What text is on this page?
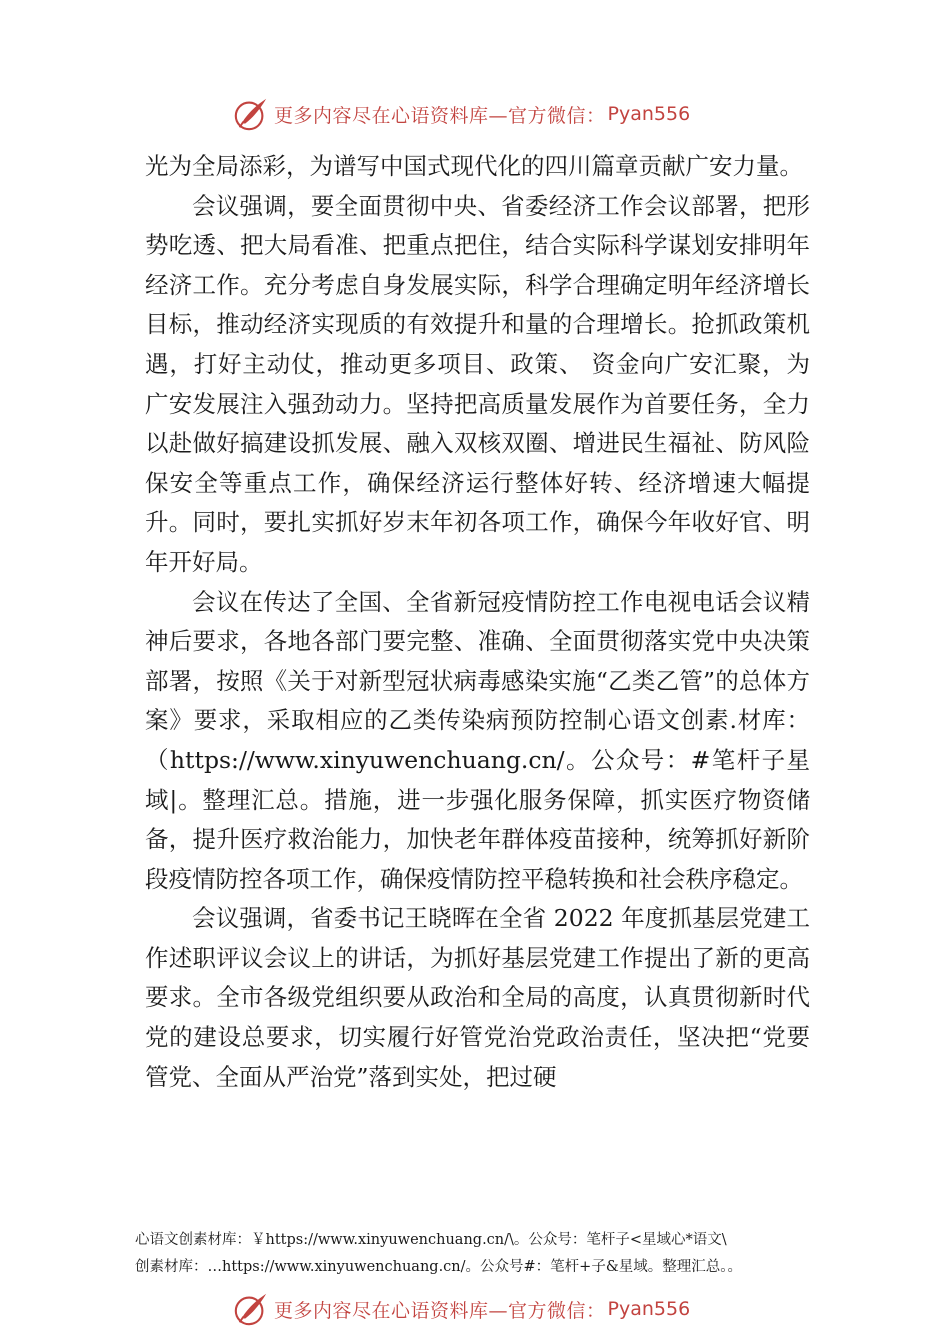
更多内容尽在心语资料库—官方微信： Pyan556

光为全局添彩，为谱写中国式现代化的四川篇章贡献广安力量。

会议强调，要全面贯彻中央、省委经济工作会议部署，把形势吃透、把大局看准、把重点把住，结合实际科学谋划安排明年经济工作。充分考虑自身发展实际，科学合理确定明年经济增长目标，推动经济实现质的有效提升和量的合理增长。抢抓政策机遇，打好主动仗，推动更多项目、政策、 资金向广安汇聚，为广安发展注入强劲动力。坚持把高质量发展作为首要任务，全力以赴做好搞建设抓发展、融入双核双圈、增进民生福祉、防风险保安全等重点工作，确保经济运行整体好转、经济增速大幅提升。同时，要扎实抓好岁末年初各项工作，确保今年收好官、明年开好局。

会议在传达了全国、全省新冠疫情防控工作电视电话会议精神后要求，各地各部门要完整、准确、全面贯彻落实党中央决策部署，按照《关于对新型冠状病毒感染实施“乙类乙管”的总体方案》要求，采取相应的乙类传染病预防控制心语文创素.材库：（https://www.xinyuwenchuang.cn/。公众号：#笔杆子星域|。整理汇总。措施，进一步强化服务保障，抓实医疗物资储备，提升医疗救治能力，加快老年群体疫苗接种，统筹抓好新阶段疫情防控各项工作，确保疫情防控平稳转换和社会秩序稳定。

会议强调，省委书记王晓晖在全省 2022 年度抓基层党建工作述职评议会议上的讲话，为抓好基层党建工作提出了新的更高要求。全市各级党组织要从政治和全局的高度，认真贯彻新时代党的建设总要求，切实履行好管党治党政治责任，坚决把“党要管党、全面从严治党”落到实处，把过硬

心语文创素材库：￥https://www.xinyuwenchuang.cn/\。公众号：笔杆子<星域心*语文\
创素材库：…https://www.xinyuwenchuang.cn/。公众号#：笔杆+子&星域。整理汇总。。
更多内容尽在心语资料库—官方微信： Pyan556
